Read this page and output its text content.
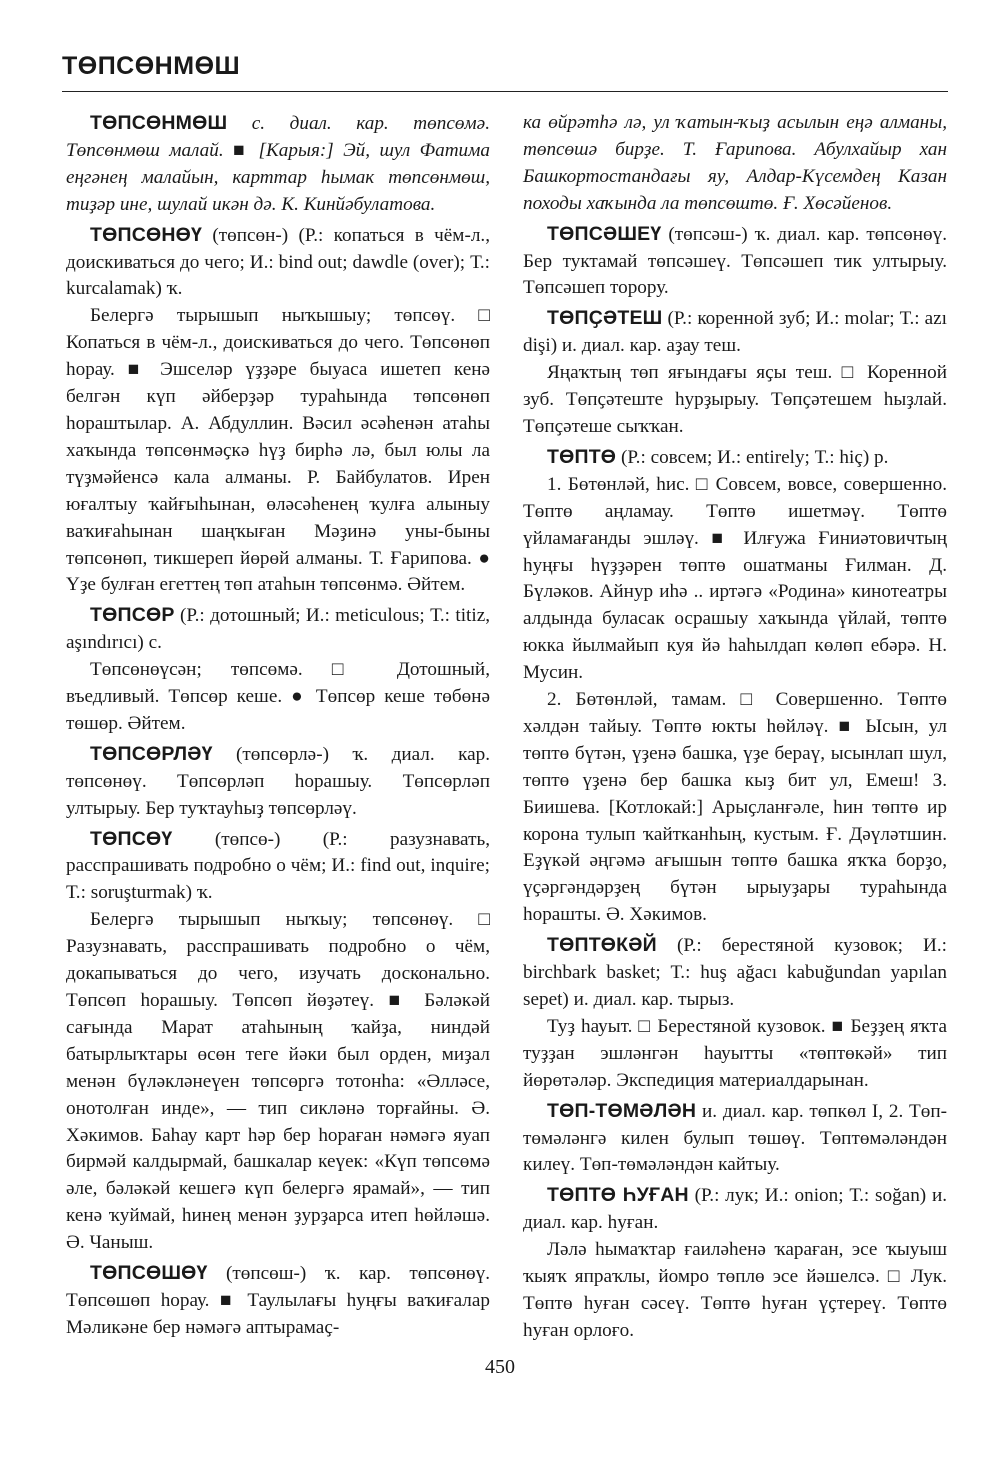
ТӨПСӨНМӨШ

ТӨПСӨНМӨШ с. диал. кар. төпсөмә. Төпсөнмөш малай. ■ [Карыя:] Эй, шул Фатима еңгәнең малайын, карттар һымак төпсөнмөш, тиҙәр ине, шулай икән дә. К. Кинйәбулатова.

ТӨПСӨНӨҮ (төпсөн-) (Р.: копаться в чём-л., доискиваться до чего; И.: bind out; dawdle (over); Т.: kurcalamak) ҡ.

Белергә тырышып ныҡышыу; төпсөү. □ Копаться в чём-л., доискиваться до чего. Төпсөнөп һорау. ■ Эшселәр үҙҙәре быуаса ишетеп кенә белгән күп әйберҙәр тураһында төпсөнөп һораштылар. А. Абдуллин. Вәсил әсәһенән атаһы хаҡында төпсөнмәҫкә һүҙ бирһә лә, был юлы ла түҙмәйенсә кала алманы. Р. Байбулатов. Ирен юғалтыу ҡайғыһынан, өләсәһенең ҡулға алыныу ваҡиғаһынан шаңҡыған Мәҙинә уны-быны төпсөнөп, тикшереп йөрөй алманы. Т. Ғарипова. ● Үҙе булған егеттең төп атаһын төпсөнмә. Әйтем.

ТӨПСӨР (Р.: дотошный; И.: meticulous; Т.: titiz, aşındırıcı) с.

Төпсөнөүсән; төпсөмә. □ Дотошный, въедливый. Төпсөр кеше. ● Төпсөр кеше төбөнә төшөр. Әйтем.

ТӨПСӨРЛӘҮ (төпсөрлә-) ҡ. диал. кар. төпсөнөү. Төпсөрләп һорашыу. Төпсөрләп ултырыу. Бер туҡтауһыҙ төпсөрләү.

ТӨПСӨҮ (төпсө-) (Р.: разузнавать, расспрашивать подробно о чём; И.: find out, inquire; Т.: soruşturmak) ҡ.

Белергә тырышып ныҡыу; төпсөнөү. □ Разузнавать, расспрашивать подробно о чём, докапываться до чего, изучать досконально. Төпсөп һорашыу. Төпсөп йөҙәтеү. ■ Бәләкәй сағында Марат атаһының ҡайҙа, ниндәй батырлыҡтары өсөн теге йәки был орден, миҙал менән бүләкләнеүен төпсөргә тотонһа: «Әлләсе, онотолған инде», — тип сикләнә торғайны. Ә. Хәкимов. Баһау карт һәр бер һораған нәмәгә яуап бирмәй калдырмай, башкалар кеүек: «Күп төпсөмә әле, бәләкәй кешегә күп белергә ярамай», — тип кенә ҡуймай, һинең менән ҙурҙарса итеп һөйләшә. Ә. Чаныш.

ТӨПСӨШӨҮ (төпсөш-) ҡ. кар. төпсөнөү. Төпсөшөп һорау. ■ Таулылағы һуңғы ваҡиғалар Мәликәне бер нәмәгә аптырамаҫ-

ка өйрәтһә лә, ул ҡатын-ҡыҙ асылын еңә алманы, төпсөшә бирҙе. Т. Ғарипова. Абулхайыр хан Башкортостандағы яу, Алдар-Күсемдең Казан походы хаҡында ла төпсөштө. Ғ. Хөсәйенов.

ТӨПСӘШЕҮ (төпсәш-) ҡ. диал. кар. төпсөнөү. Бер туктамай төпсәшеү. Төпсәшеп тик ултырыу. Төпсәшеп торору.

ТӨПҪӘТЕШ (Р.: коренной зуб; И.: molar; Т.: azı dişi) и. диал. кар. аҙау теш.

Яңаҡтың төп яғындағы яҫы теш. □ Коренной зуб. Төпҫәтеште һурҙырыу. Төпҫәтешем һыҙлай. Төпҫәтеше сыҡҡан.

ТӨПТӨ (Р.: совсем; И.: entirely; Т.: hiç) р.

1. Бөтөнләй, һис. □ Совсем, вовсе, совершенно. Төптө аңламау. Төптө ишетмәү. Төптө үйламағанды эшләү. ■ Илғужа Ғиниәтовичтың һуңғы һүҙҙәрен төптө ошатманы Ғилман. Д. Бүләков. Айнур иһә .. иртәгә «Родина» кинотеатры алдында буласак осрашыу хаҡында үйлай, төптө юкка йылмайып куя йә һаһылдап көлөп ебәрә. Н. Мусин.

2. Бөтөнләй, тамам. □ Совершенно. Төптө хәлдән тайыу. Төптө юкты һөйләү. ■ Ысын, ул төптө бүтән, үҙенә башка, үҙе бераү, ысынлап шул, төптө үҙенә бер башка кыҙ бит ул, Емеш! З. Биишева. [Котлокай:] Арыҫланғәле, һин төптө ир корона тулып ҡайтканһың, кустым. Ғ. Дәүләтшин. Еҙүкәй әңгәмә ағышын төптө башка яҡҡа борҙо, үҫәргәндәрҙең бүтән ырыуҙары тураһында һорашты. Ә. Хәкимов.

ТӨПТӨКӘЙ (Р.: берестяной кузовок; И.: birchbark basket; Т.: huş ağacı kabuğundan yapılan sepet) и. диал. кар. тырыз.

Туҙ һауыт. □ Берестяной кузовок. ■ Беҙҙең яҡта туҙҙан эшләнгән һауытты «төптөкәй» тип йөрөтәләр. Экспедиция материалдарынан.

ТӨП-ТӨМӘЛӘН и. диал. кар. төпкөл I, 2. Төп-төмәләнгә килен булып төшөү. Төптөмәләндән килеү. Төп-төмәләндән кайтыу.

ТӨПТӨ ҺУҒАН (Р.: лук; И.: onion; Т.: soğan) и. диал. кар. һуған.

Ләлә һымаҡтар ғаиләһенә ҡараған, эсе ҡыуыш ҡыяҡ япраҡлы, йомро төплө эсе йәшелсә. □ Лук. Төптө һуған сәсеү. Төптө һуған үҫтереү. Төптө һуған орлоғо.

450
